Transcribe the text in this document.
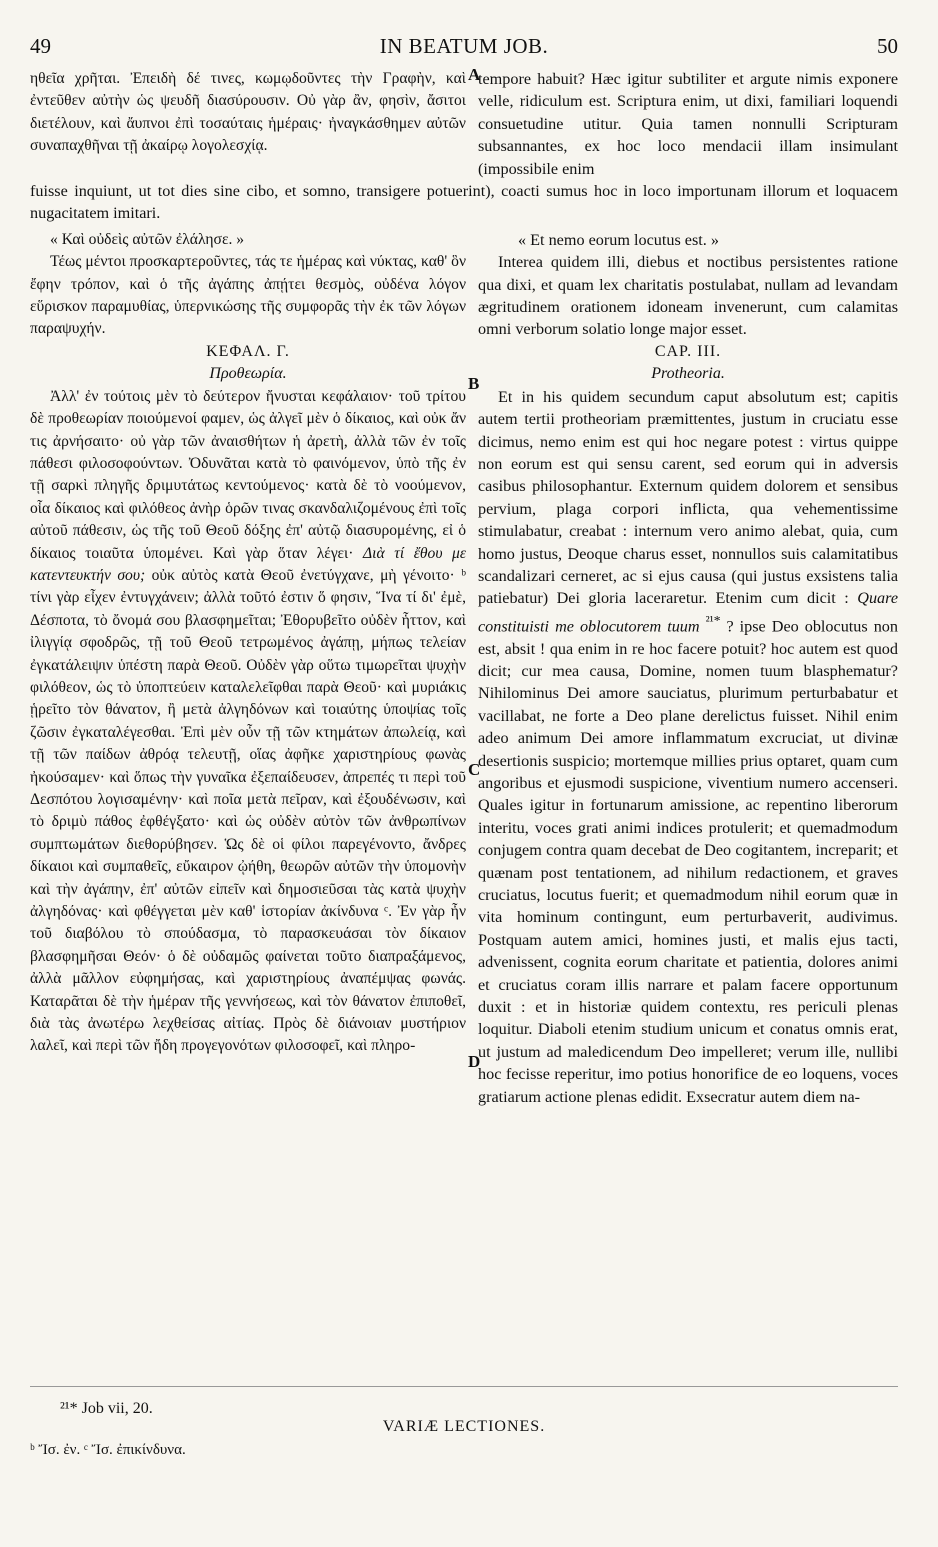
49	IN BEATUM JOB.	50

ηθεῖα χρῆται. Ἐπειδὴ δέ τινες, κωμῳδοῦντες τὴν Γραφὴν, καὶ ἐντεῦθεν αὐτὴν ὡς ψευδῆ διασύρουσιν. Οὐ γὰρ ἂν, φησὶν, ἄσιτοι διετέλουν, καὶ ἄυπνοι ἐπὶ τοσαύταις ἡμέραις· ἠναγκάσθημεν αὐτῶν συναπαχθῆναι τῇ ἀκαίρῳ λογολεσχίᾳ.

A

tempore habuit? Hæc igitur subtiliter et argute nimis exponere velle, ridiculum est. Scriptura enim, ut dixi, familiari loquendi consuetudine utitur. Quia tamen nonnulli Scripturam subsannantes, ex hoc loco mendacii illam insimulant (impossibile enim

fuisse inquiunt, ut tot dies sine cibo, et somno, transigere potuerint), coacti sumus hoc in loco importunam illorum et loquacem nugacitatem imitari.

« Καὶ οὐδεὶς αὐτῶν ἐλάλησε. »

Τέως μέντοι προσκαρτεροῦντες, τάς τε ἡμέρας καὶ νύκτας, καθ' ὃν ἔφην τρόπον, καὶ ὁ τῆς ἀγάπης ἀπῄτει θεσμὸς, οὐδένα λόγον εὕρισκον παραμυθίας, ὑπερνικώσης τῆς συμφορᾶς τὴν ἐκ τῶν λόγων παραψυχήν.

ΚΕΦΑΛ. Γ.

Προθεωρία.

« Et nemo eorum locutus est. »

Interea quidem illi, diebus et noctibus persistentes ratione qua dixi, et quam lex charitatis postulabat, nullam ad levandam ægritudinem orationem idoneam invenerunt, cum calamitas omni verborum solatio longe major esset.

CAP. III.

Protheoria.

Ἀλλ' ἐν τούτοις μὲν τὸ δεύτερον ἤνυσται κεφάλαιον· τοῦ τρίτου δὲ προθεωρίαν ποιούμενοί φαμεν, ὡς ἀλγεῖ μὲν ὁ δίκαιος, καὶ οὐκ ἄν τις ἀρνήσαιτο· οὐ γὰρ τῶν ἀναισθήτων ἡ ἀρετὴ, ἀλλὰ τῶν ἐν τοῖς πάθεσι φιλοσοφούντων. Ὀδυνᾶται κατὰ τὸ φαινόμενον, ὑπὸ τῆς ἐν τῇ σαρκὶ πληγῆς δριμυτάτως κεντούμενος· κατὰ δὲ τὸ νοούμενον, οἷα δίκαιος καὶ φιλόθεος ἀνὴρ ὁρῶν τινας σκανδαλιζομένους ἐπὶ τοῖς αὐτοῦ πάθεσιν, ὡς τῆς τοῦ Θεοῦ δόξης ἐπ' αὐτῷ διασυρομένης, εἰ ὁ δίκαιος τοιαῦτα ὑπομένει. Καὶ γὰρ ὅταν λέγει· Διὰ τί ἔθου με κατεντευκτήν σου; οὐκ αὐτὸς κατὰ Θεοῦ ἐνετύγχανε, μὴ γένοιτο· ᵇ τίνι γὰρ εἶχεν ἐντυγχάνειν; ἀλλὰ τοῦτό ἐστιν ὅ φησιν, Ἵνα τί δι' ἐμὲ, Δέσποτα, τὸ ὄνομά σου βλασφημεῖται; Ἐθορυβεῖτο οὐδὲν ἧττον, καὶ ἰλιγγίᾳ σφοδρῶς, τῇ τοῦ Θεοῦ τετρωμένος ἀγάπῃ, μήπως τελείαν ἐγκατάλειψιν ὑπέστη παρὰ Θεοῦ. Οὐδὲν γὰρ οὕτω τιμωρεῖται ψυχὴν φιλόθεον, ὡς τὸ ὑποπτεύειν καταλελεῖφθαι παρὰ Θεοῦ· καὶ μυριάκις ᾑρεῖτο τὸν θάνατον, ἢ μετὰ ἀλγηδόνων καὶ τοιαύτης ὑποψίας τοῖς ζῶσιν ἐγκαταλέγεσθαι. Ἐπὶ μὲν οὖν τῇ τῶν κτημάτων ἀπωλείᾳ, καὶ τῇ τῶν παίδων ἀθρόᾳ τελευτῇ, οἵας ἀφῆκε χαριστηρίους φωνὰς ἠκούσαμεν· καὶ ὅπως τὴν γυναῖκα ἐξεπαίδευσεν, ἀπρεπές τι περὶ τοῦ Δεσπότου λογισαμένην· καὶ ποῖα μετὰ πεῖραν, καὶ ἐξουδένωσιν, καὶ τὸ δριμὺ πάθος ἐφθέγξατο· καὶ ὡς οὐδὲν αὐτὸν τῶν ἀνθρωπίνων συμπτωμάτων διεθορύβησεν. Ὡς δὲ οἱ φίλοι παρεγένοντο, ἄνδρες δίκαιοι καὶ συμπαθεῖς, εὔκαιρον ᾠήθη, θεωρῶν αὐτῶν τὴν ὑπομονὴν καὶ τὴν ἀγάπην, ἐπ' αὐτῶν εἰπεῖν καὶ δημοσιεῦσαι τὰς κατὰ ψυχὴν ἀλγηδόνας· καὶ φθέγγεται μὲν καθ' ἱστορίαν ἀκίνδυνα ᶜ. Ἐν γὰρ ἦν τοῦ διαβόλου τὸ σπούδασμα, τὸ παρασκευάσαι τὸν δίκαιον βλασφημῆσαι Θεόν· ὁ δὲ οὐδαμῶς φαίνεται τοῦτο διαπραξάμενος, ἀλλὰ μᾶλλον εὐφημήσας, καὶ χαριστηρίους ἀναπέμψας φωνάς. Καταρᾶται δὲ τὴν ἡμέραν τῆς γεννήσεως, καὶ τὸν θάνατον ἐπιποθεῖ, διὰ τὰς ἀνωτέρω λεχθείσας αἰτίας. Πρὸς δὲ διάνοιαν μυστήριον λαλεῖ, καὶ περὶ τῶν ἤδη προγεγονότων φιλοσοφεῖ, καὶ πληρο-

B
C
D

Et in his quidem secundum caput absolutum est; capitis autem tertii protheoriam præmittentes, justum in cruciatu esse dicimus, nemo enim est qui hoc negare potest : virtus quippe non eorum est qui sensu carent, sed eorum qui in adversis casibus philosophantur. Externum quidem dolorem et sensibus pervium, plaga corpori inflicta, qua vehementissime stimulabatur, creabat : internum vero animo alebat, quia, cum homo justus, Deoque charus esset, nonnullos suis calamitatibus scandalizari cerneret, ac si ejus causa (qui justus exsistens talia patiebatur) Dei gloria laceraretur. Etenim cum dicit : Quare constituisti me oblocutorem tuum $^{^{21}*}$ ? ipse Deo oblocutus non est, absit ! qua enim in re hoc facere potuit? hoc autem est quod dicit; cur mea causa, Domine, nomen tuum blasphematur? Nihilominus Dei amore sauciatus, plurimum perturbabatur et vacillabat, ne forte a Deo plane derelictus fuisset. Nihil enim adeo animum Dei amore inflammatum excruciat, ut divinæ desertionis suspicio; mortemque millies prius optaret, quam cum angoribus et ejusmodi suspicione, viventium numero accenseri. Quales igitur in fortunarum amissione, ac repentino liberorum interitu, voces grati animi indices protulerit; et quemadmodum conjugem contra quam decebat de Deo cogitantem, increparit; et quænam post tentationem, ad nihilum redactionem, et graves cruciatus, locutus fuerit; et quemadmodum nihil eorum quæ in vita hominum contingunt, eum perturbaverit, audivimus. Postquam autem amici, homines justi, et malis ejus tacti, advenissent, cognita eorum charitate et patientia, dolores animi et cruciatus coram illis narrare et palam facere opportunum duxit : et in historiæ quidem contextu, res periculi plenas loquitur. Diaboli etenim studium unicum et conatus omnis erat, ut justum ad maledicendum Deo impelleret; verum ille, nullibi hoc fecisse reperitur, imo potius honorifice de eo loquens, voces gratiarum actione plenas edidit. Exsecratur autem diem na-

²¹* Job vii, 20.
VARIÆ LECTIONES.
ᵇ Ἴσ. ἐν. ᶜ Ἴσ. ἐπικίνδυνα.
